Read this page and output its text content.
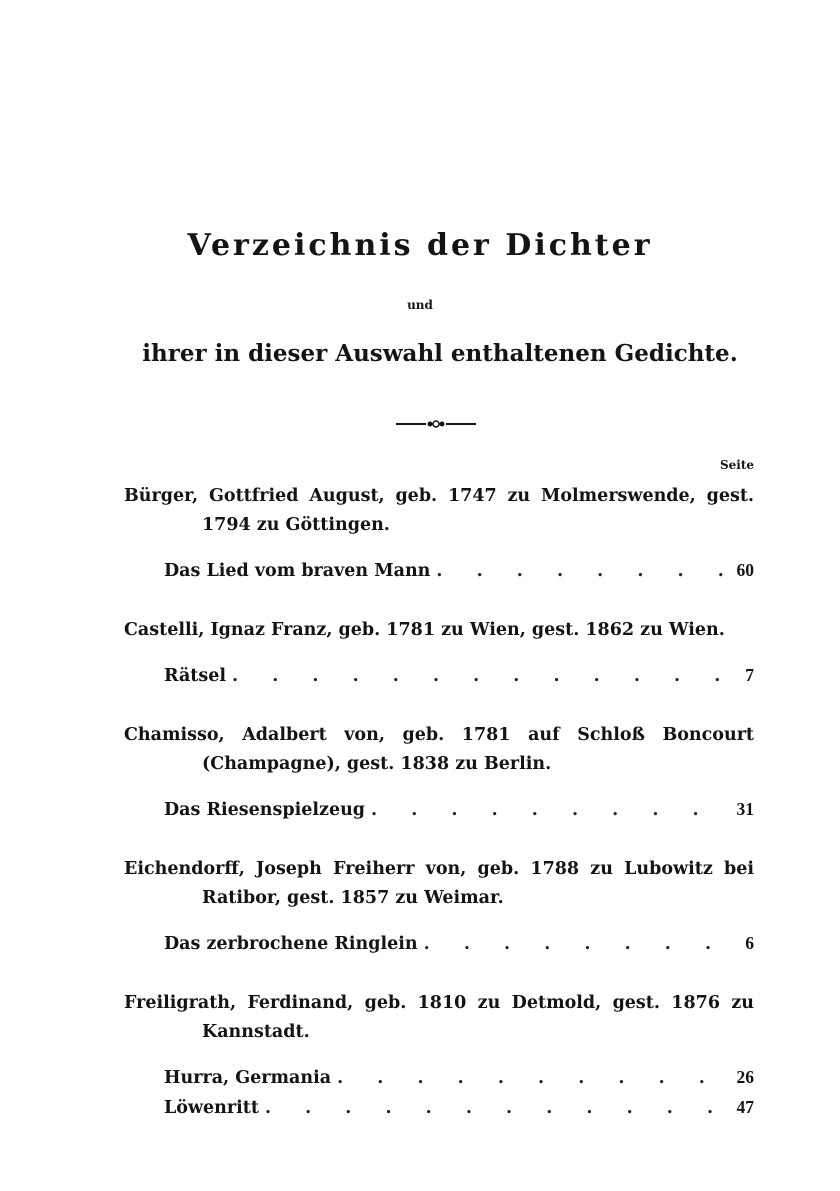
Verzeichnis der Dichter
und
ihrer in dieser Auswahl enthaltenen Gedichte.
Seite
Bürger, Gottfried August, geb. 1747 zu Molmerswende, gest. 1794 zu Göttingen.
Das Lied vom braven Mann . . .	60
Castelli, Ignaz Franz, geb. 1781 zu Wien, gest. 1862 zu Wien.
Rätsel . . .	7
Chamisso, Adalbert von, geb. 1781 auf Schloß Boncourt (Champagne), gest. 1838 zu Berlin.
Das Riesenspielzeug . . .	31
Eichendorff, Joseph Freiherr von, geb. 1788 zu Lubowitz bei Ratibor, gest. 1857 zu Weimar.
Das zerbrochene Ringlein . . .	6
Freiligrath, Ferdinand, geb. 1810 zu Detmold, gest. 1876 zu Kannstadt.
Hurra, Germania . . .	26
Löwenritt . . .	47
